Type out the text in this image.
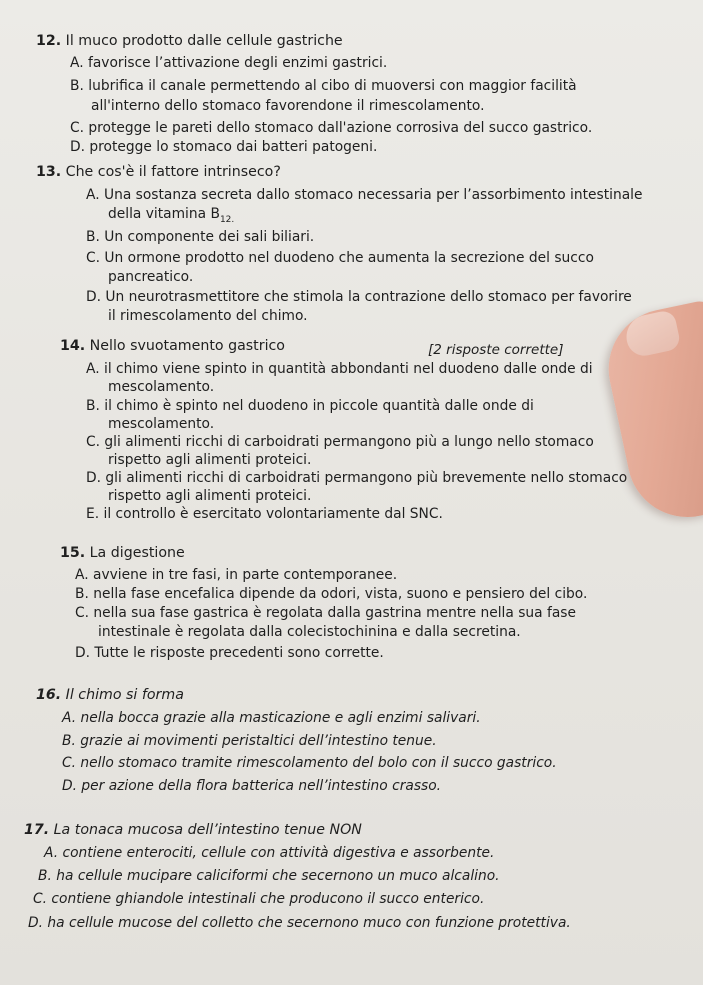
12. Il muco prodotto dalle cellule gastriche
A. favorisce l’attivazione degli enzimi gastrici.
B. lubrifica il canale permettendo al cibo di muoversi con maggior facilità
all'interno dello stomaco favorendone il rimescolamento.
C. protegge le pareti dello stomaco dall'azione corrosiva del succo gastrico.
D. protegge lo stomaco dai batteri patogeni.
13. Che cos'è il fattore intrinseco?
A. Una sostanza secreta dallo stomaco necessaria per l’assorbimento intestinale
della vitamina $B_{12.}$
B. Un componente dei sali biliari.
C. Un ormone prodotto nel duodeno che aumenta la secrezione del succo
pancreatico.
D. Un neurotrasmettitore che stimola la contrazione dello stomaco per favorire
il rimescolamento del chimo.
14. Nello svuotamento gastrico	[2 risposte corrette]
A. il chimo viene spinto in quantità abbondanti nel duodeno dalle onde di
mescolamento.
B. il chimo è spinto nel duodeno in piccole quantità dalle onde di
mescolamento.
C. gli alimenti ricchi di carboidrati permangono più a lungo nello stomaco
rispetto agli alimenti proteici.
D. gli alimenti ricchi di carboidrati permangono più brevemente nello stomaco
rispetto agli alimenti proteici.
E. il controllo è esercitato volontariamente dal SNC.
15. La digestione
A. avviene in tre fasi, in parte contemporanee.
B. nella fase encefalica dipende da odori, vista, suono e pensiero del cibo.
C. nella sua fase gastrica è regolata dalla gastrina mentre nella sua fase
intestinale è regolata dalla colecistochinina e dalla secretina.
D. Tutte le risposte precedenti sono corrette.
16. Il chimo si forma
A. nella bocca grazie alla masticazione e agli enzimi salivari.
B. grazie ai movimenti peristaltici dell’intestino tenue.
C. nello stomaco tramite rimescolamento del bolo con il succo gastrico.
D. per azione della flora batterica nell’intestino crasso.
17. La tonaca mucosa dell’intestino tenue NON
A. contiene enterociti, cellule con attività digestiva e assorbente.
B. ha cellule mucipare caliciformi che secernono un muco alcalino.
C. contiene ghiandole intestinali che producono il succo enterico.
D. ha cellule mucose del colletto che secernono muco con funzione protettiva.
